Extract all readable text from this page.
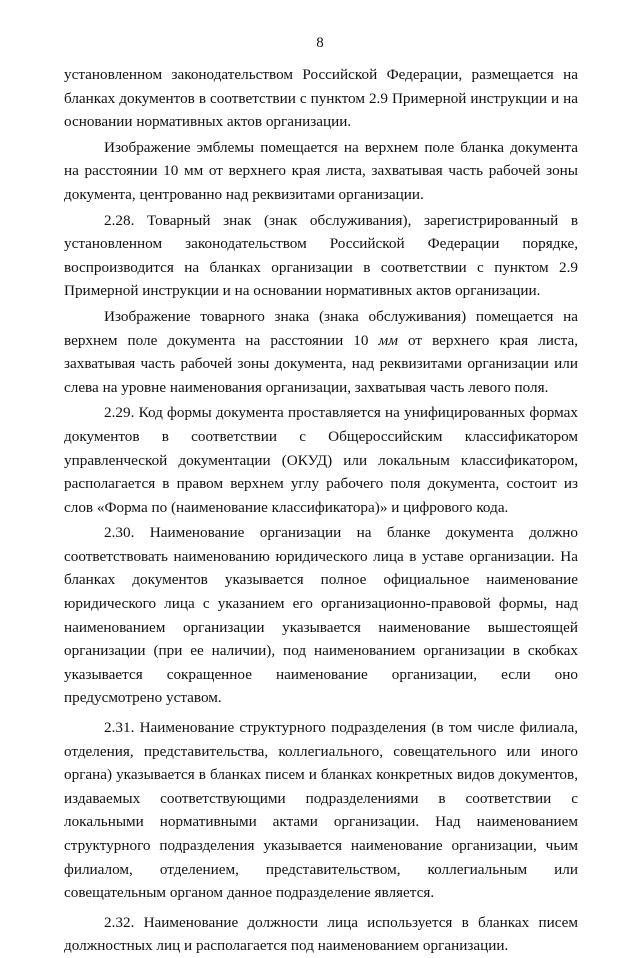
8

установленном законодательством Российской Федерации, размещается на бланках документов в соответствии с пунктом 2.9 Примерной инструкции и на основании нормативных актов организации.

Изображение эмблемы помещается на верхнем поле бланка документа на расстоянии 10 мм от верхнего края листа, захватывая часть рабочей зоны документа, центрованно над реквизитами организации.

2.28. Товарный знак (знак обслуживания), зарегистрированный в установленном законодательством Российской Федерации порядке, воспроизводится на бланках организации в соответствии с пунктом 2.9 Примерной инструкции и на основании нормативных актов организации.

Изображение товарного знака (знака обслуживания) помещается на верхнем поле документа на расстоянии 10 мм от верхнего края листа, захватывая часть рабочей зоны документа, над реквизитами организации или слева на уровне наименования организации, захватывая часть левого поля.

2.29. Код формы документа проставляется на унифицированных формах документов в соответствии с Общероссийским классификатором управленческой документации (ОКУД) или локальным классификатором, располагается в правом верхнем углу рабочего поля документа, состоит из слов «Форма по (наименование классификатора)» и цифрового кода.

2.30. Наименование организации на бланке документа должно соответствовать наименованию юридического лица в уставе организации. На бланках документов указывается полное официальное наименование юридического лица с указанием его организационно-правовой формы, над наименованием организации указывается наименование вышестоящей организации (при ее наличии), под наименованием организации в скобках указывается сокращенное наименование организации, если оно предусмотрено уставом.

2.31. Наименование структурного подразделения (в том числе филиала, отделения, представительства, коллегиального, совещательного или иного органа) указывается в бланках писем и бланках конкретных видов документов, издаваемых соответствующими подразделениями в соответствии с локальными нормативными актами организации. Над наименованием структурного подразделения указывается наименование организации, чьим филиалом, отделением, представительством, коллегиальным или совещательным органом данное подразделение является.

2.32. Наименование должности лица используется в бланках писем должностных лиц и располагается под наименованием организации.
